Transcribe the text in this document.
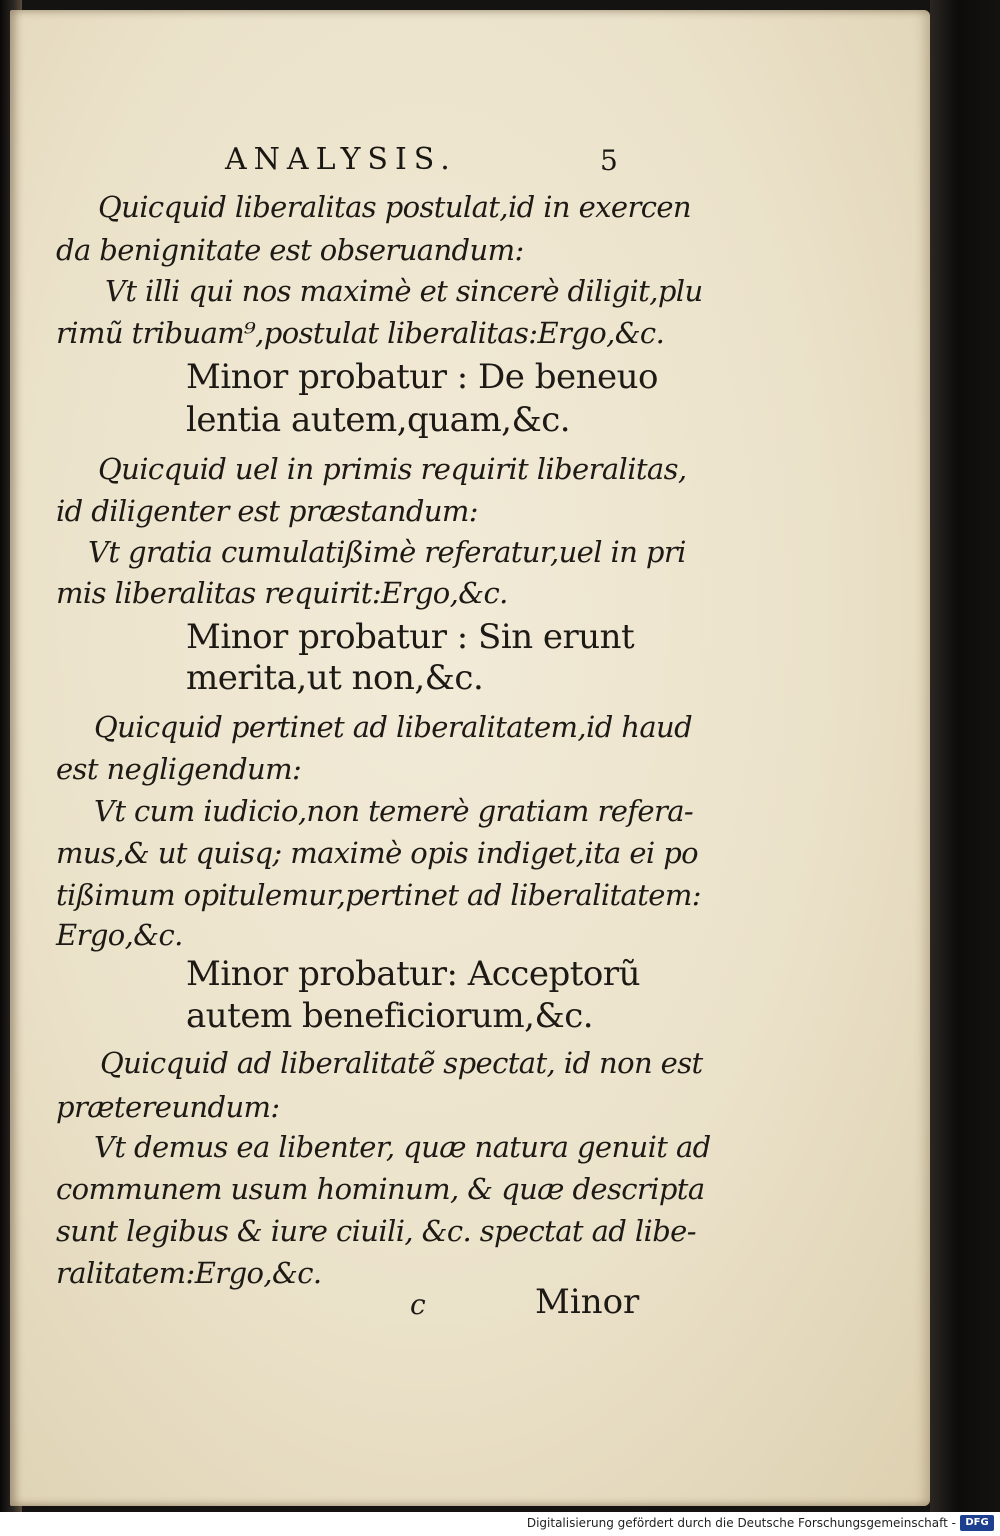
ANALYSIS.	5
Quicquid liberalitas postulat,id in exercen
da benignitate est obseruandum:
Vt illi qui nos maximè et sincerè diligit,plu
rimũ tribuam⁹,postulat liberalitas:Ergo,&c.
Minor probatur : De beneuo
lentia autem,quam,&c.
Quicquid uel in primis requirit liberalitas,
id diligenter est præstandum:
Vt gratia cumulatißimè referatur,uel in pri
mis liberalitas requirit:Ergo,&c.
Minor probatur : Sin erunt
merita,ut non,&c.
Quicquid pertinet ad liberalitatem,id haud
est negligendum:
Vt cum iudicio,non temerè gratiam refera-
mus,& ut quisq; maximè opis indiget,ita ei po
tißimum opitulemur,pertinet ad liberalitatem:
Ergo,&c.
Minor probatur: Acceptorũ
autem beneficiorum,&c.
Quicquid ad liberalitatẽ spectat, id non est
prætereundum:
Vt demus ea libenter, quæ natura genuit ad
communem usum hominum, & quæ descripta
sunt legibus & iure ciuili, &c. spectat ad libe-
ralitatem:Ergo,&c.
c	Minor
Digitalisierung gefördert durch die Deutsche Forschungsgemeinschaft - DFG
